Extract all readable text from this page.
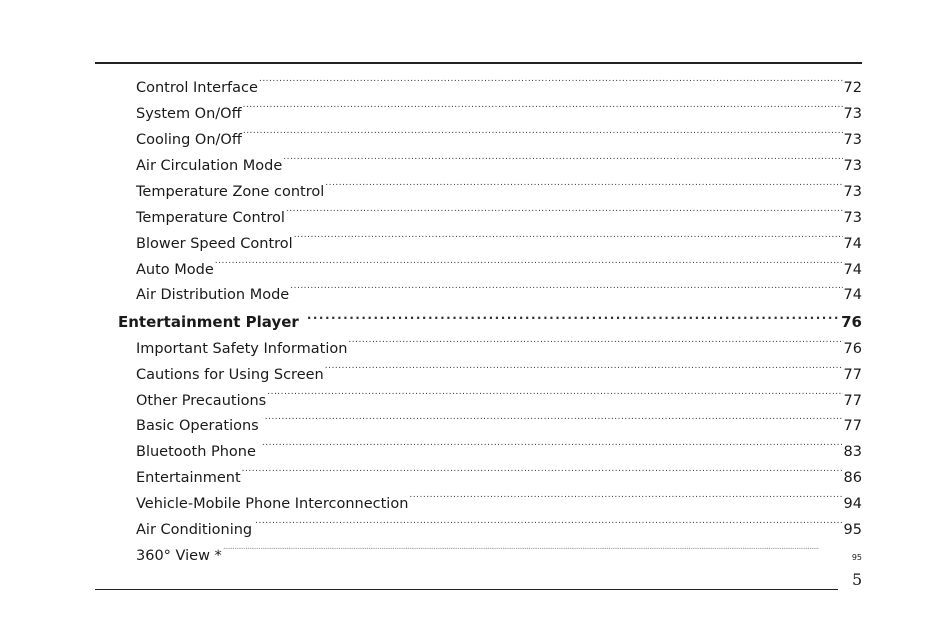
Control Interface .....	72
System On/Off .....	73
Cooling On/Off .....	73
Air Circulation Mode .....	73
Temperature Zone control .....	73
Temperature Control .....	73
Blower Speed Control .....	74
Auto Mode .....	74
Air Distribution Mode .....	74
Entertainment Player .....	76
Important Safety Information .....	76
Cautions for Using Screen .....	77
Other Precautions .....	77
Basic Operations .....	77
Bluetooth Phone .....	83
Entertainment .....	86
Vehicle-Mobile Phone Interconnection .....	94
Air Conditioning .....	95
360° View * .....	95
5
